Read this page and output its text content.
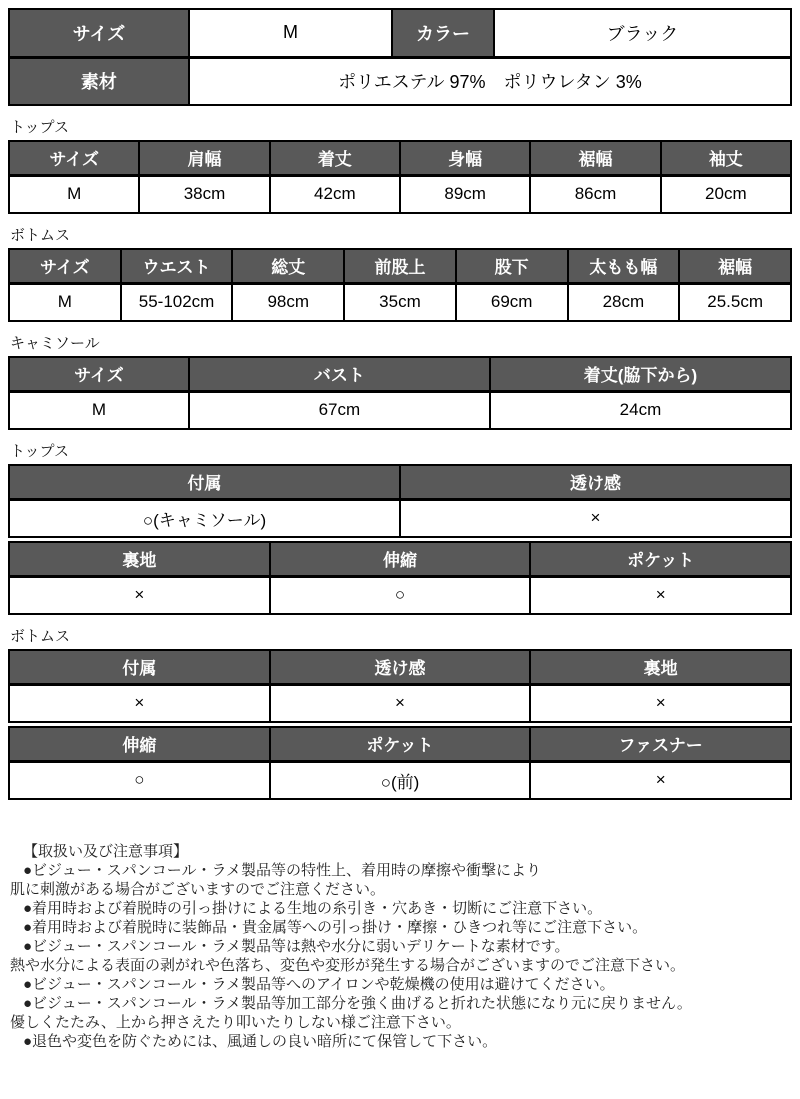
サイズ	M	カラー	ブラック
素材	ポリエステル 97%　ポリウレタン 3%		
トップス
サイズ	肩幅	着丈	身幅	裾幅	袖丈
M	38cm	42cm	89cm	86cm	20cm
ボトムス
サイズ	ウエスト	総丈	前股上	股下	太もも幅	裾幅
M	55-102cm	98cm	35cm	69cm	28cm	25.5cm
キャミソール
サイズ	バスト	着丈(脇下から)
M	67cm	24cm
トップス
付属	透け感
○(キャミソール)	×
裏地	伸縮	ポケット
×	○	×
ボトムス
付属	透け感	裏地
×	×	×
伸縮	ポケット	ファスナー
○	○(前)	×
【取扱い及び注意事項】
●ビジュー・スパンコール・ラメ製品等の特性上、着用時の摩擦や衝撃により
肌に刺激がある場合がございますのでご注意ください。
●着用時および着脱時の引っ掛けによる生地の糸引き・穴あき・切断にご注意下さい。
●着用時および着脱時に装飾品・貴金属等への引っ掛け・摩擦・ひきつれ等にご注意下さい。
●ビジュー・スパンコール・ラメ製品等は熱や水分に弱いデリケートな素材です。
熱や水分による表面の剥がれや色落ち、変色や変形が発生する場合がございますのでご注意下さい。
●ビジュー・スパンコール・ラメ製品等へのアイロンや乾燥機の使用は避けてください。
●ビジュー・スパンコール・ラメ製品等加工部分を強く曲げると折れた状態になり元に戻りません。
優しくたたみ、上から押さえたり叩いたりしない様ご注意下さい。
●退色や変色を防ぐためには、風通しの良い暗所にて保管して下さい。
